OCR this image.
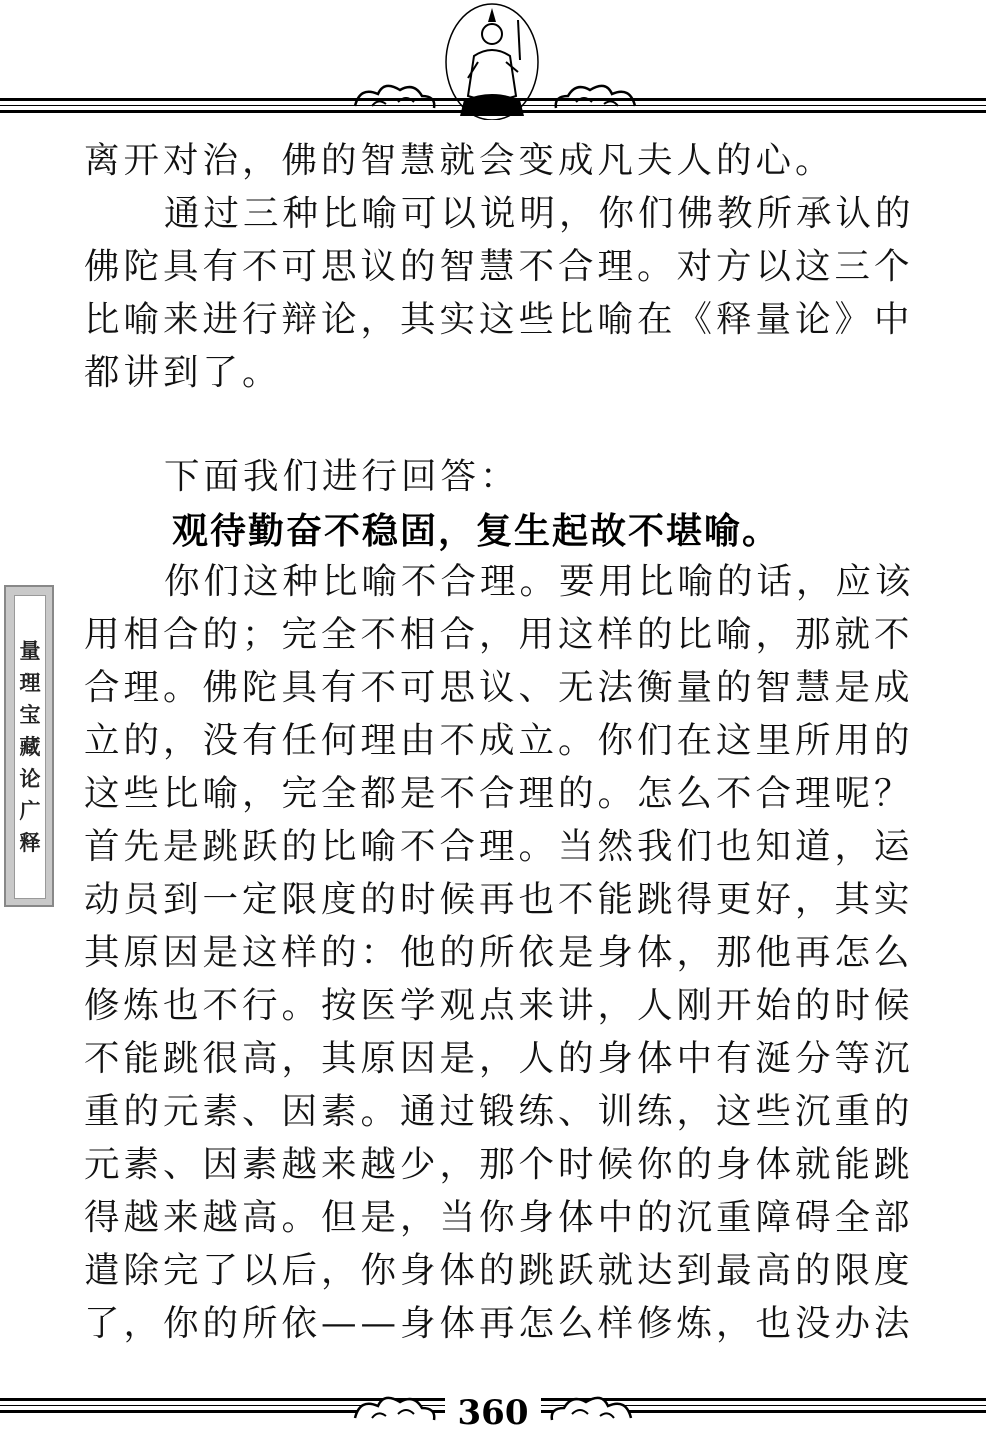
离开对治，佛的智慧就会变成凡夫人的心。
通过三种比喻可以说明，你们佛教所承认的
佛陀具有不可思议的智慧不合理。对方以这三个
比喻来进行辩论，其实这些比喻在《释量论》中
都讲到了。
下面我们进行回答：
观待勤奋不稳固，复生起故不堪喻。
你们这种比喻不合理。要用比喻的话，应该
用相合的；完全不相合，用这样的比喻，那就不
合理。佛陀具有不可思议、无法衡量的智慧是成
立的，没有任何理由不成立。你们在这里所用的
这些比喻，完全都是不合理的。怎么不合理呢？
首先是跳跃的比喻不合理。当然我们也知道，运
动员到一定限度的时候再也不能跳得更好，其实
其原因是这样的：他的所依是身体，那他再怎么
修炼也不行。按医学观点来讲，人刚开始的时候
不能跳很高，其原因是，人的身体中有涎分等沉
重的元素、因素。通过锻练、训练，这些沉重的
元素、因素越来越少，那个时候你的身体就能跳
得越来越高。但是，当你身体中的沉重障碍全部
遣除完了以后，你身体的跳跃就达到最高的限度
了，你的所依——身体再怎么样修炼，也没办法
量
理
宝
藏
论
广
释
360
